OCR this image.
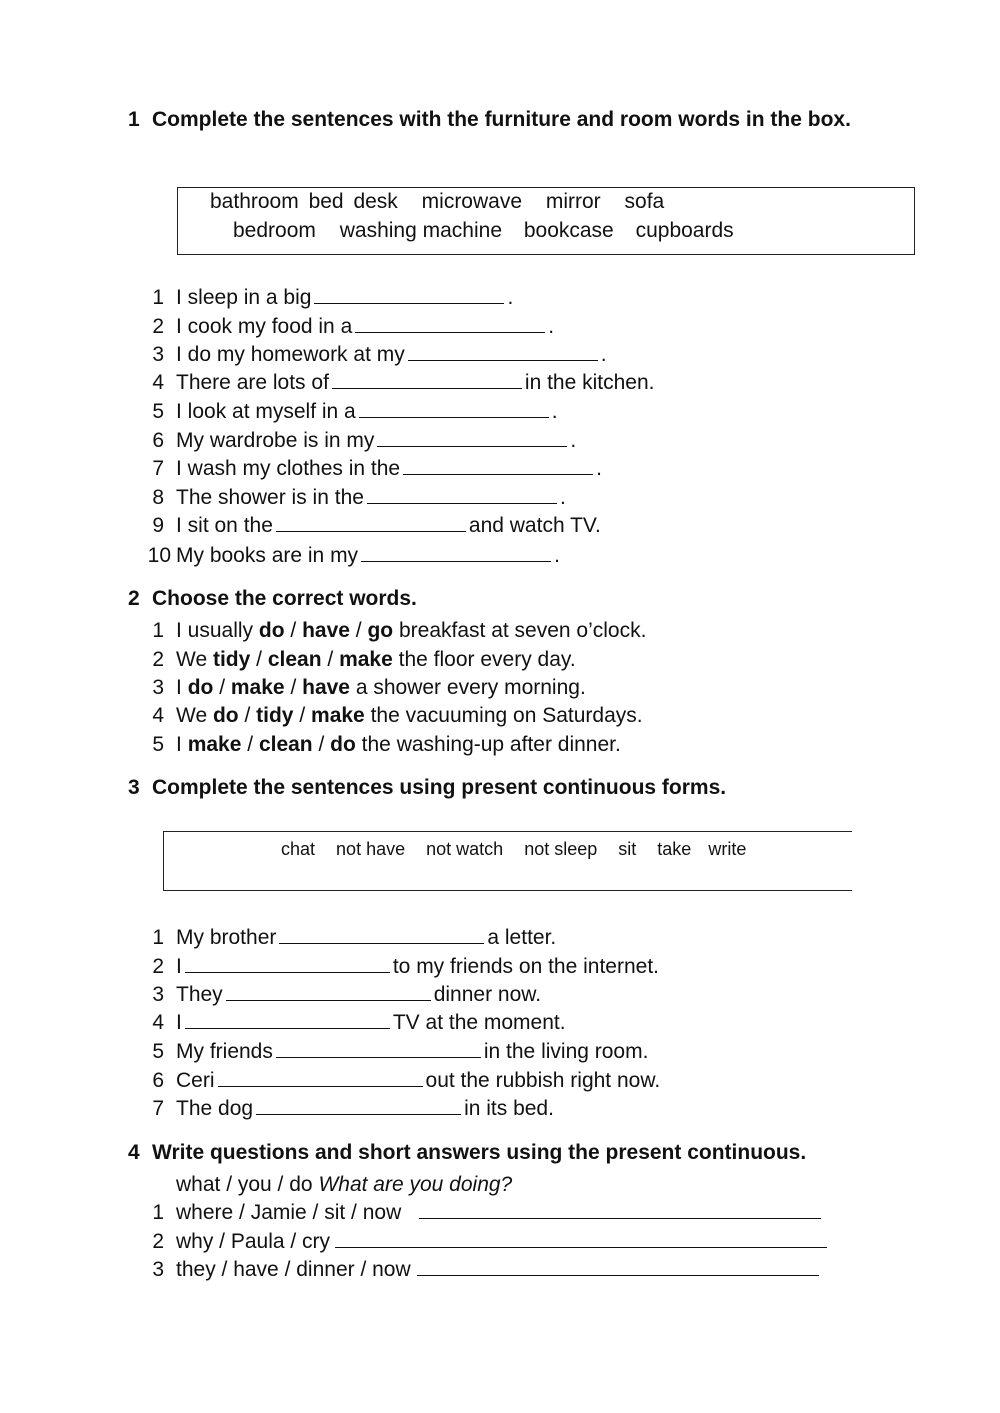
1 Complete the sentences with the furniture and room words in the box.
bathroom bed desk microwave mirror sofa
bedroom washing machine bookcase cupboards
1 I sleep in a big	.
2 I cook my food in a	.
3 I do my homework at my	.
4 There are lots of	in the kitchen.
5 I look at myself in a	.
6 My wardrobe is in my	.
7 I wash my clothes in the	.
8 The shower is in the	.
9 I sit on the	and watch TV.
10 My books are in my	.
2 Choose the correct words.
1 I usually do / have / go breakfast at seven o’clock.
2 We tidy / clean / make the floor every day.
3 I do / make / have a shower every morning.
4 We do / tidy / make the vacuuming on Saturdays.
5 I make / clean / do the washing-up after dinner.
3 Complete the sentences using present continuous forms.
chat not have not watch not sleep sit take write
1 My brother	a letter.
2 I	to my friends on the internet.
3 They	dinner now.
4 I	TV at the moment.
5 My friends	in the living room.
6 Ceri	out the rubbish right now.
7 The dog	in its bed.
4 Write questions and short answers using the present continuous.
what / you / do What are you doing?
1 where / Jamie / sit / now
2 why / Paula / cry
3 they / have / dinner / now
